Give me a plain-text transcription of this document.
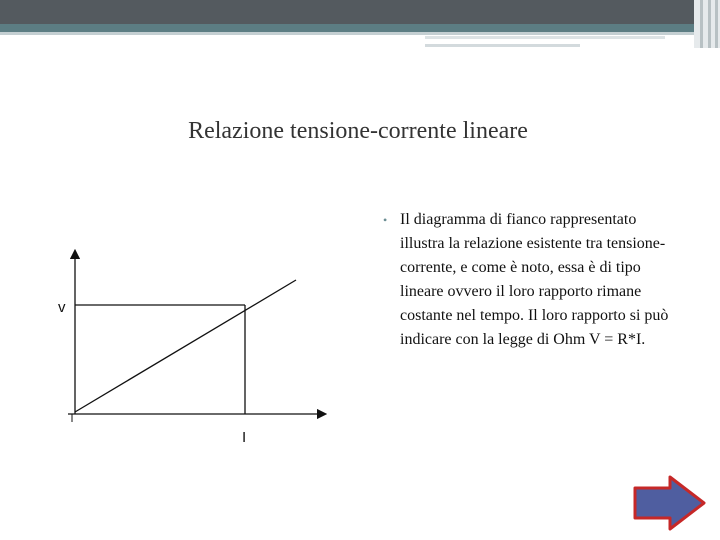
Relazione tensione-corrente lineare
• Il diagramma di fianco rappresentato illustra la relazione esistente tra tensione-corrente, e come è noto, essa è di tipo lineare ovvero il loro rapporto rimane costante nel tempo. Il loro rapporto si può indicare con la legge di Ohm V = R*I.
v
I
